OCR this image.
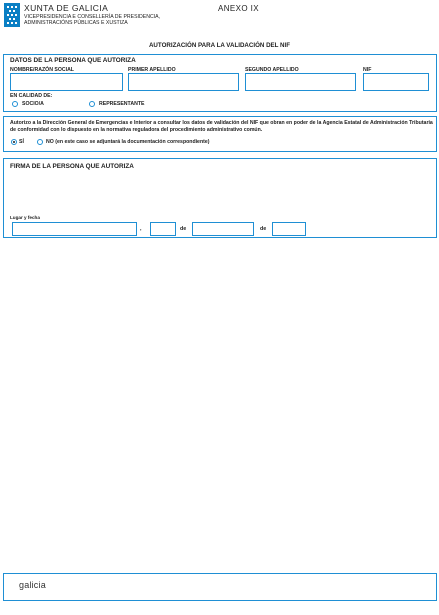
XUNTA DE GALICIA
VICEPRESIDENCIA E CONSELLERÍA DE PRESIDENCIA, ADMINISTRACIÓNS PÚBLICAS E XUSTIZA
ANEXO IX
AUTORIZACIÓN PARA LA VALIDACIÓN DEL NIF
DATOS DE LA PERSONA QUE AUTORIZA
NOMBRE/RAZÓN SOCIAL	PRIMER APELLIDO	SEGUNDO APELLIDO	NIF
EN CALIDAD DE:
SOCIO/A	REPRESENTANTE
Autorizo a la Dirección General de Emergencias e Interior a consultar los datos de validación del NIF que obran en poder de la Agencia Estatal de Administración Tributaria de conformidad con lo dispuesto en la normativa reguladora del procedimiento administrativo común.
SÍ	NO (en este caso se adjuntará la documentación correspondiente)
FIRMA DE LA PERSONA QUE AUTORIZA
Lugar y fecha
,	de	de
galicia
